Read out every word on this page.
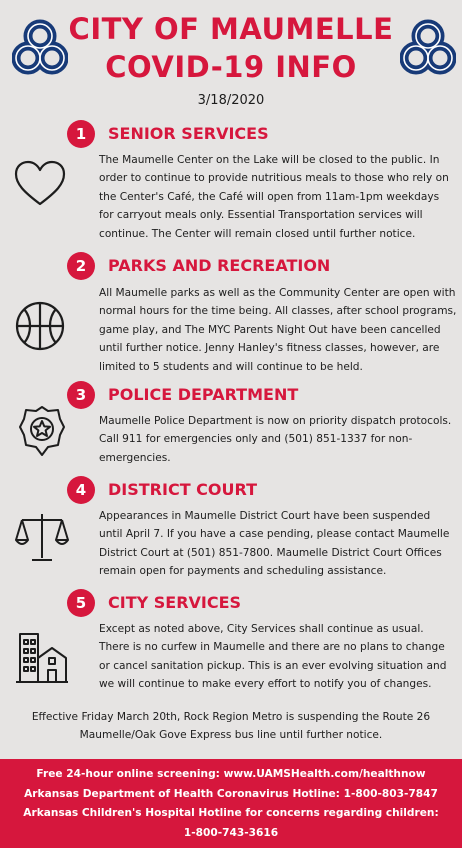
CITY OF MAUMELLE
COVID-19 INFO
3/18/2020
1	SENIOR SERVICES
The Maumelle Center on the Lake will be closed to the public. In order to continue to provide nutritious meals to those who rely on the Center's Café, the Café will open from 11am-1pm weekdays for carryout meals only. Essential Transportation services will continue. The Center will remain closed until further notice.
2	PARKS AND RECREATION
All Maumelle parks as well as the Community Center are open with normal hours for the time being. All classes, after school programs, game play, and The MYC Parents Night Out have been cancelled until further notice. Jenny Hanley's fitness classes, however, are limited to 5 students and will continue to be held.
3	POLICE DEPARTMENT
Maumelle Police Department is now on priority dispatch protocols. Call 911 for emergencies only and (501) 851-1337 for non-emergencies.
4	DISTRICT COURT
Appearances in Maumelle District Court have been suspended until April 7. If you have a case pending, please contact Maumelle District Court at (501) 851-7800. Maumelle District Court Offices remain open for payments and scheduling assistance.
5	CITY SERVICES
Except as noted above, City Services shall continue as usual. There is no curfew in Maumelle and there are no plans to change or cancel sanitation pickup. This is an ever evolving situation and we will continue to make every effort to notify you of changes.
Effective Friday March 20th, Rock Region Metro is suspending the Route 26 Maumelle/Oak Gove Express bus line until further notice.
Free 24-hour online screening: www.UAMSHealth.com/healthnow
Arkansas Department of Health Coronavirus Hotline: 1-800-803-7847
Arkansas Children's Hospital Hotline for concerns regarding children:
1-800-743-3616
